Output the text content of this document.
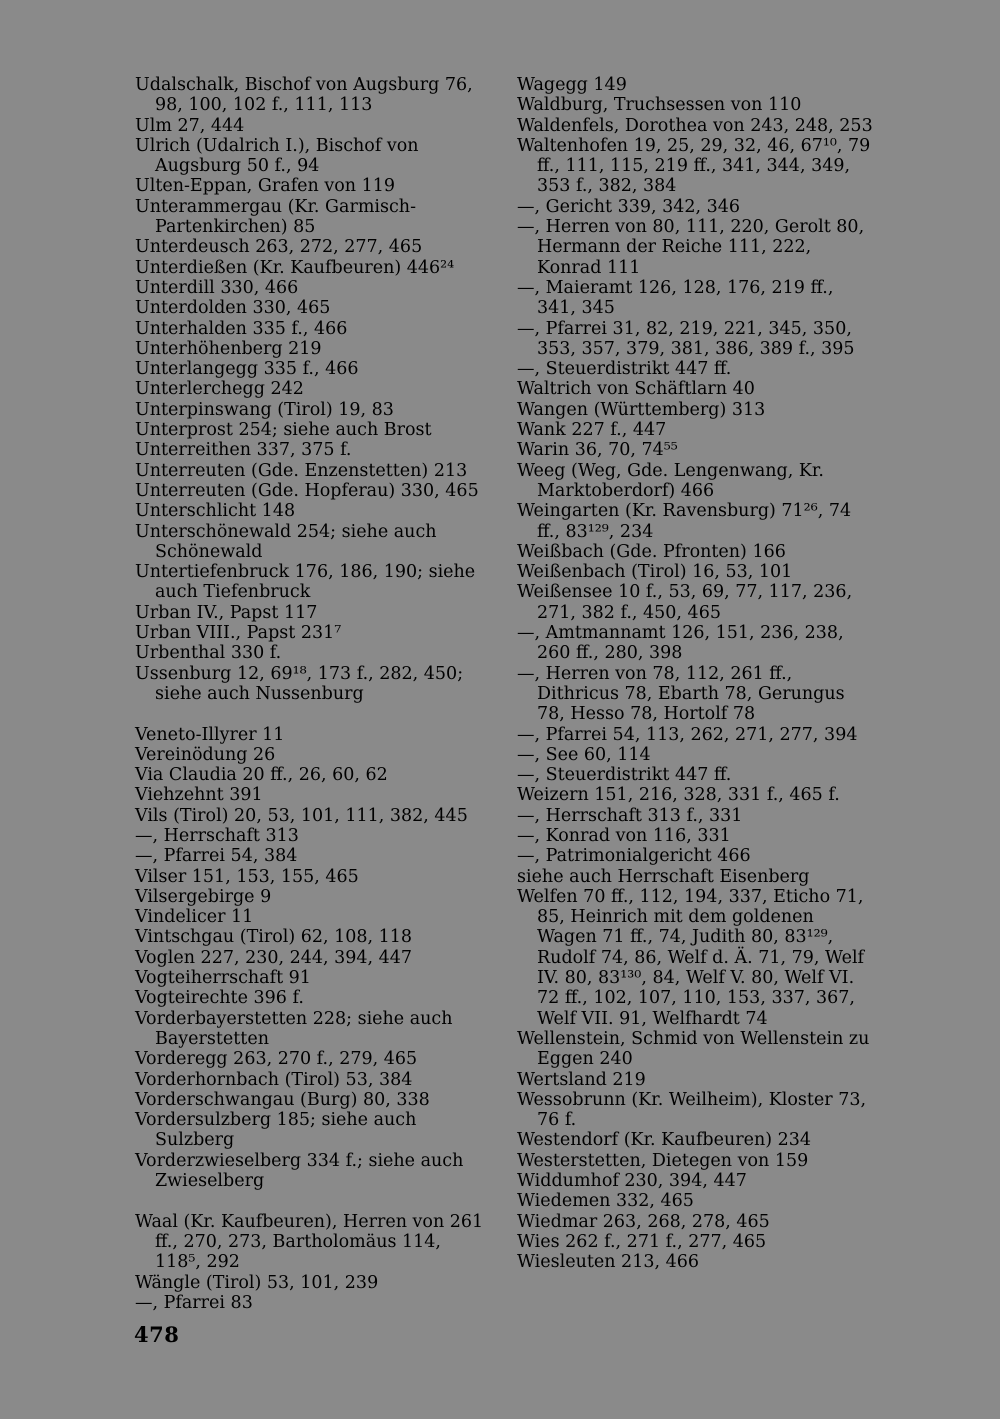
Udalschalk, Bischof von Augsburg 76, 98, 100, 102 f., 111, 113

Ulm 27, 444

Ulrich (Udalrich I.), Bischof von Augsburg 50 f., 94

Ulten-Eppan, Grafen von 119

Unterammergau (Kr. Garmisch-Partenkirchen) 85

Unterdeusch 263, 272, 277, 465

Unterdießen (Kr. Kaufbeuren) 446²⁴

Unterdill 330, 466

Unterdolden 330, 465

Unterhalden 335 f., 466

Unterhöhenberg 219

Unterlangegg 335 f., 466

Unterlerchegg 242

Unterpinswang (Tirol) 19, 83

Unterprost 254; siehe auch Brost

Unterreithen 337, 375 f.

Unterreuten (Gde. Enzenstetten) 213

Unterreuten (Gde. Hopferau) 330, 465

Unterschlicht 148

Unterschönewald 254; siehe auch Schönewald

Untertiefenbruck 176, 186, 190; siehe auch Tiefenbruck

Urban IV., Papst 117

Urban VIII., Papst 231⁷

Urbenthal 330 f.

Ussenburg 12, 69¹⁸, 173 f., 282, 450; siehe auch Nussenburg

Veneto-Illyrer 11

Vereinödung 26

Via Claudia 20 ff., 26, 60, 62

Viehzehnt 391

Vils (Tirol) 20, 53, 101, 111, 382, 445

—, Herrschaft 313

—, Pfarrei 54, 384

Vilser 151, 153, 155, 465

Vilsergebirge 9

Vindelicer 11

Vintschgau (Tirol) 62, 108, 118

Voglen 227, 230, 244, 394, 447

Vogteiherrschaft 91

Vogteirechte 396 f.

Vorderbayerstetten 228; siehe auch Bayerstetten

Vorderegg 263, 270 f., 279, 465

Vorderhornbach (Tirol) 53, 384

Vorderschwangau (Burg) 80, 338

Vordersulzberg 185; siehe auch Sulzberg

Vorderzwieselberg 334 f.; siehe auch Zwieselberg

Waal (Kr. Kaufbeuren), Herren von 261 ff., 270, 273, Bartholomäus 114, 118⁵, 292

Wängle (Tirol) 53, 101, 239

—, Pfarrei 83

Wagegg 149

Waldburg, Truchsessen von 110

Waldenfels, Dorothea von 243, 248, 253

Waltenhofen 19, 25, 29, 32, 46, 67¹⁰, 79 ff., 111, 115, 219 ff., 341, 344, 349, 353 f., 382, 384

—, Gericht 339, 342, 346

—, Herren von 80, 111, 220, Gerolt 80, Hermann der Reiche 111, 222, Konrad 111

—, Maieramt 126, 128, 176, 219 ff., 341, 345

—, Pfarrei 31, 82, 219, 221, 345, 350, 353, 357, 379, 381, 386, 389 f., 395

—, Steuerdistrikt 447 ff.

Waltrich von Schäftlarn 40

Wangen (Württemberg) 313

Wank 227 f., 447

Warin 36, 70, 74⁵⁵

Weeg (Weg, Gde. Lengenwang, Kr. Marktoberdorf) 466

Weingarten (Kr. Ravensburg) 71²⁶, 74 ff., 83¹²⁹, 234

Weißbach (Gde. Pfronten) 166

Weißenbach (Tirol) 16, 53, 101

Weißensee 10 f., 53, 69, 77, 117, 236, 271, 382 f., 450, 465

—, Amtmannamt 126, 151, 236, 238, 260 ff., 280, 398

—, Herren von 78, 112, 261 ff., Dithricus 78, Ebarth 78, Gerungus 78, Hesso 78, Hortolf 78

—, Pfarrei 54, 113, 262, 271, 277, 394

—, See 60, 114

—, Steuerdistrikt 447 ff.

Weizern 151, 216, 328, 331 f., 465 f.

—, Herrschaft 313 f., 331

—, Konrad von 116, 331

—, Patrimonialgericht 466

siehe auch Herrschaft Eisenberg

Welfen 70 ff., 112, 194, 337, Eticho 71, 85, Heinrich mit dem goldenen Wagen 71 ff., 74, Judith 80, 83¹²⁹, Rudolf 74, 86, Welf d. Ä. 71, 79, Welf IV. 80, 83¹³⁰, 84, Welf V. 80, Welf VI. 72 ff., 102, 107, 110, 153, 337, 367, Welf VII. 91, Welfhardt 74

Wellenstein, Schmid von Wellenstein zu Eggen 240

Wertsland 219

Wessobrunn (Kr. Weilheim), Kloster 73, 76 f.

Westendorf (Kr. Kaufbeuren) 234

Westerstetten, Dietegen von 159

Widdumhof 230, 394, 447

Wiedemen 332, 465

Wiedmar 263, 268, 278, 465

Wies 262 f., 271 f., 277, 465

Wiesleuten 213, 466

478
